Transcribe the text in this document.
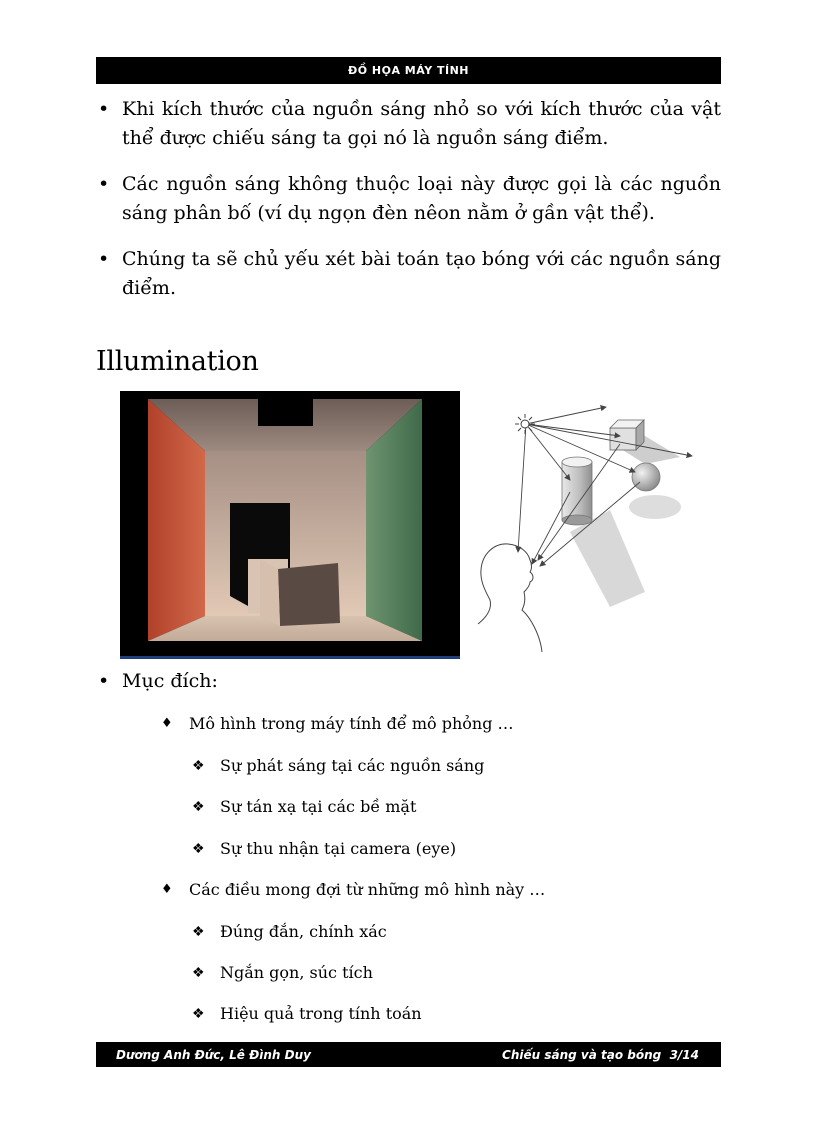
ĐỒ HỌA MÁY TÍNH
• Khi kích thước của nguồn sáng nhỏ so với kích thước của vật thể được chiếu sáng ta gọi nó là nguồn sáng điểm.
• Các nguồn sáng không thuộc loại này được gọi là các nguồn sáng phân bố (ví dụ ngọn đèn nêon nằm ở gần vật thể).
• Chúng ta sẽ chủ yếu xét bài toán tạo bóng với các nguồn sáng điểm.
Illumination
• Mục đích:
♦ Mô hình trong máy tính để mô phỏng …
❖ Sự phát sáng tại các nguồn sáng
❖ Sự tán xạ tại các bề mặt
❖ Sự thu nhận tại camera (eye)
♦ Các điều mong đợi từ những mô hình này …
❖ Đúng đắn, chính xác
❖ Ngắn gọn, súc tích
❖ Hiệu quả trong tính toán
Dương Anh Đức, Lê Đình Duy	Chiếu sáng và tạo bóng  3/14
